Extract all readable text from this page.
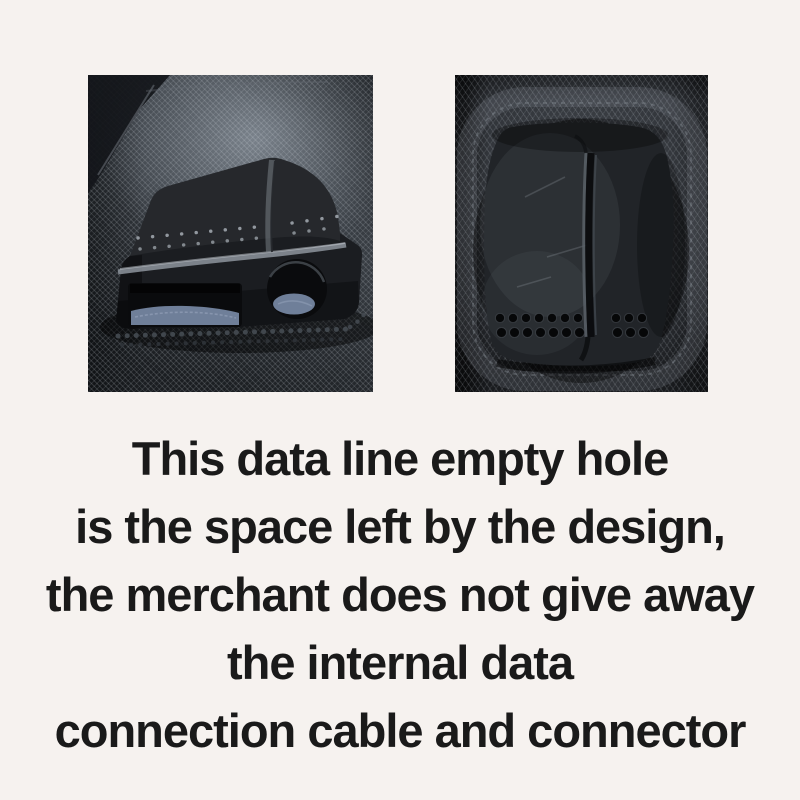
This data line empty hole
is the space left by the design,
the merchant does not give away
the internal data
connection cable and connector
